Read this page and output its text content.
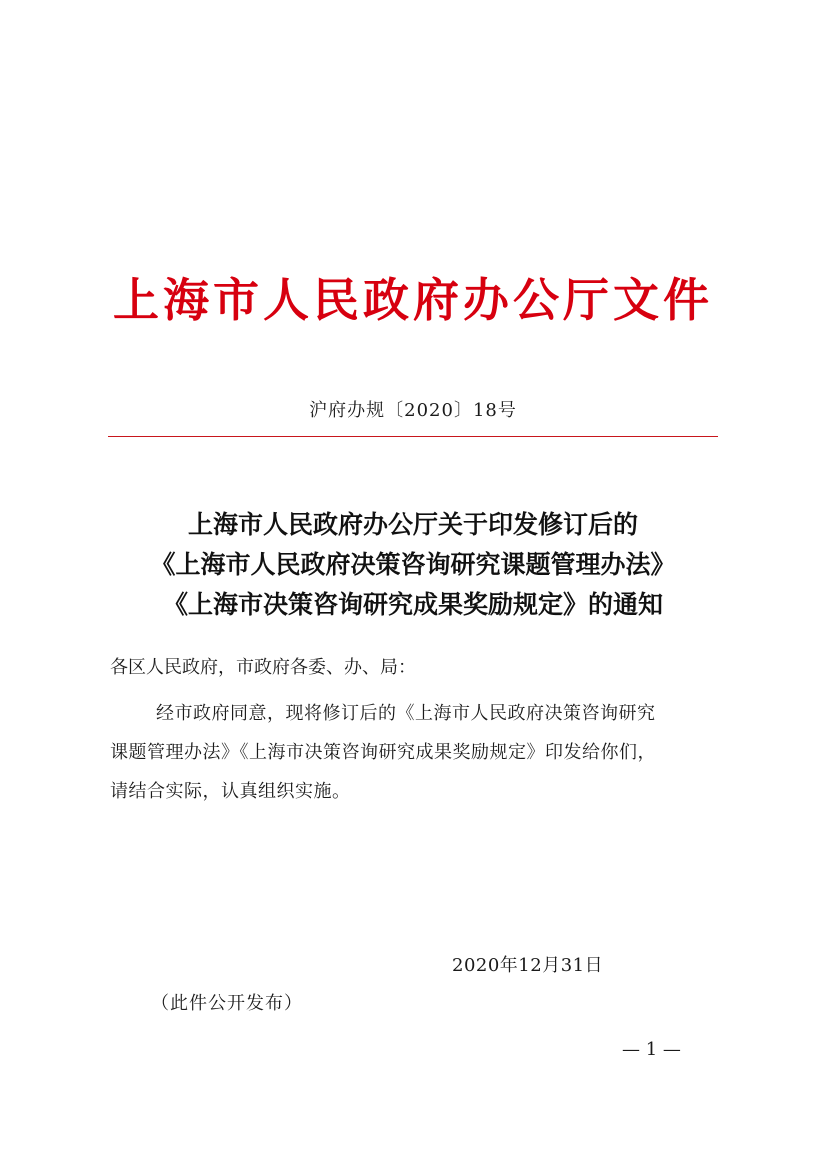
上海市人民政府办公厅文件
沪府办规〔2020〕18号
上海市人民政府办公厅关于印发修订后的
《上海市人民政府决策咨询研究课题管理办法》
《上海市决策咨询研究成果奖励规定》的通知
各区人民政府，市政府各委、办、局：
经市政府同意，现将修订后的《上海市人民政府决策咨询研究
课题管理办法》《上海市决策咨询研究成果奖励规定》印发给你们，
请结合实际，认真组织实施。
2020年12月31日
（此件公开发布）
— 1 —
